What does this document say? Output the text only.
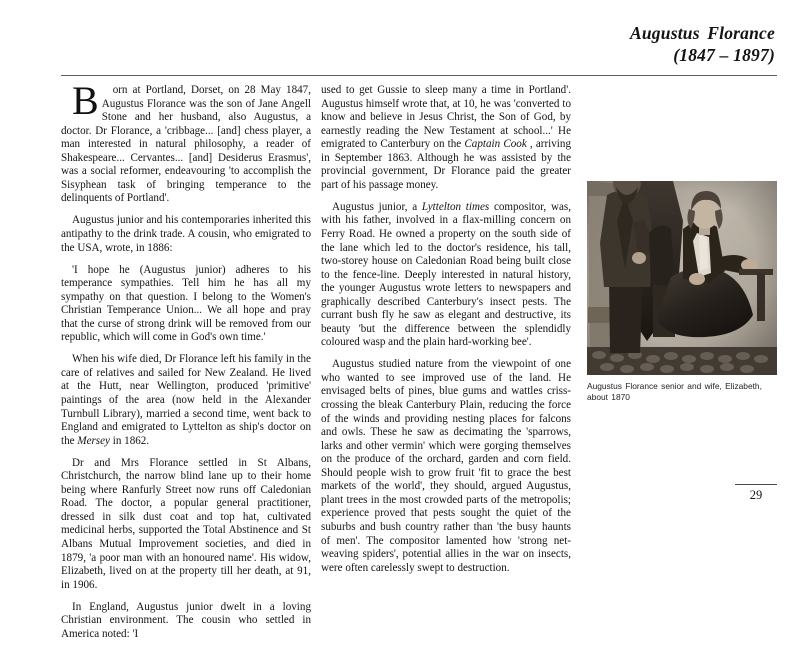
Augustus Florance
(1847 – 1897)

B orn at Portland, Dorset, on 28 May 1847, Augustus Florance was the son of Jane Angell Stone and her husband, also Augustus, a doctor. Dr Florance, a 'cribbage... [and] chess player, a man interested in natural philosophy, a reader of Shakespeare... Cervantes... [and] Desiderus Erasmus', was a social reformer, endeavouring 'to accomplish the Sisyphean task of bringing temperance to the delinquents of Portland'.

Augustus junior and his contemporaries inherited this antipathy to the drink trade. A cousin, who emigrated to the USA, wrote, in 1886:

'I hope he (Augustus junior) adheres to his temperance sympathies. Tell him he has all my sympathy on that question. I belong to the Women's Christian Temperance Union... We all hope and pray that the curse of strong drink will be removed from our republic, which will come in God's own time.'

When his wife died, Dr Florance left his family in the care of relatives and sailed for New Zealand. He lived at the Hutt, near Wellington, produced 'primitive' paintings of the area (now held in the Alexander Turnbull Library), married a second time, went back to England and emigrated to Lyttelton as ship's doctor on the Mersey in 1862.

Dr and Mrs Florance settled in St Albans, Christchurch, the narrow blind lane up to their home being where Ranfurly Street now runs off Caledonian Road. The doctor, a popular general practitioner, dressed in silk dust coat and top hat, cultivated medicinal herbs, supported the Total Abstinence and St Albans Mutual Improvement societies, and died in 1879, 'a poor man with an honoured name'. His widow, Elizabeth, lived on at the property till her death, at 91, in 1906.

In England, Augustus junior dwelt in a loving Christian environment. The cousin who settled in America noted: 'I

used to get Gussie to sleep many a time in Portland'. Augustus himself wrote that, at 10, he was 'converted to know and believe in Jesus Christ, the Son of God, by earnestly reading the New Testament at school...' He emigrated to Canterbury on the Captain Cook , arriving in September 1863. Although he was assisted by the provincial government, Dr Florance paid the greater part of his passage money.

Augustus junior, a Lyttelton times compositor, was, with his father, involved in a flax-milling concern on Ferry Road. He owned a property on the south side of the lane which led to the doctor's residence, his tall, two-storey house on Caledonian Road being built close to the fence-line. Deeply interested in natural history, the younger Augustus wrote letters to newspapers and graphically described Canterbury's insect pests. The currant bush fly he saw as elegant and destructive, its beauty 'but the difference between the splendidly coloured wasp and the plain hard-working bee'.

Augustus studied nature from the viewpoint of one who wanted to see improved use of the land. He envisaged belts of pines, blue gums and wattles criss-crossing the bleak Canterbury Plain, reducing the force of the winds and providing nesting places for falcons and owls. These he saw as decimating the 'sparrows, larks and other vermin' which were gorging themselves on the produce of the orchard, garden and corn field. Should people wish to grow fruit 'fit to grace the best markets of the world', they should, argued Augustus, plant trees in the most crowded parts of the metropolis; experience proved that pests sought the quiet of the suburbs and bush country rather than 'the busy haunts of men'. The compositor lamented how 'strong net-weaving spiders', potential allies in the war on insects, were often carelessly swept to destruction.

Augustus Florance senior and wife, Elizabeth, about 1870
29
